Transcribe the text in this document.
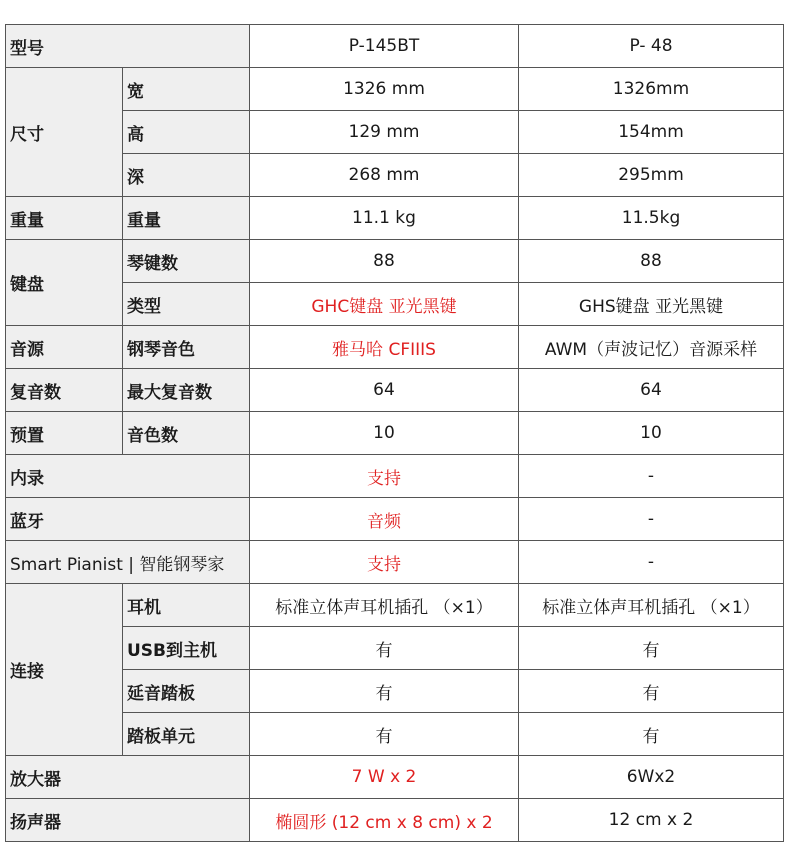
型号		P-145BT	P- 48
尺寸	宽	1326 mm	1326mm
	高	129 mm	154mm
	深	268 mm	295mm
重量	重量	11.1 kg	11.5kg
键盘	琴键数	88	88
	类型	GHC键盘 亚光黑键	GHS键盘 亚光黑键
音源	钢琴音色	雅马哈 CFIIIS	AWM（声波记忆）音源采样
复音数	最大复音数	64	64
预置	音色数	10	10
内录		支持	-
蓝牙		音频	-
Smart Pianist | 智能钢琴家		支持	-
连接	耳机	标准立体声耳机插孔 （×1）	标准立体声耳机插孔 （×1）
	USB到主机	有	有
	延音踏板	有	有
	踏板单元	有	有
放大器		7 W x 2	6Wx2
扬声器		椭圆形 (12 cm x 8 cm) x 2	12 cm x 2
